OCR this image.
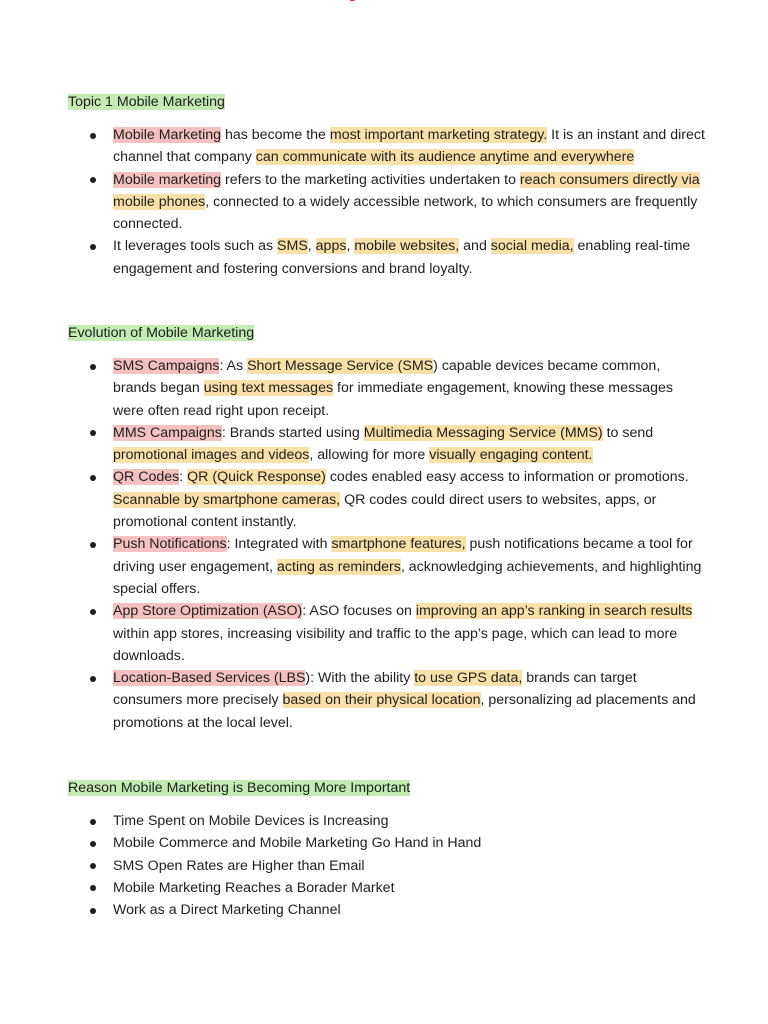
Topic 1 Mobile Marketing
Mobile Marketing has become the most important marketing strategy. It is an instant and direct channel that company can communicate with its audience anytime and everywhere
Mobile marketing refers to the marketing activities undertaken to reach consumers directly via mobile phones, connected to a widely accessible network, to which consumers are frequently connected.
It leverages tools such as SMS, apps, mobile websites, and social media, enabling real-time engagement and fostering conversions and brand loyalty.
Evolution of Mobile Marketing
SMS Campaigns: As Short Message Service (SMS) capable devices became common, brands began using text messages for immediate engagement, knowing these messages were often read right upon receipt.
MMS Campaigns: Brands started using Multimedia Messaging Service (MMS) to send promotional images and videos, allowing for more visually engaging content.
QR Codes: QR (Quick Response) codes enabled easy access to information or promotions. Scannable by smartphone cameras, QR codes could direct users to websites, apps, or promotional content instantly.
Push Notifications: Integrated with smartphone features, push notifications became a tool for driving user engagement, acting as reminders, acknowledging achievements, and highlighting special offers.
App Store Optimization (ASO): ASO focuses on improving an app’s ranking in search results within app stores, increasing visibility and traffic to the app’s page, which can lead to more downloads.
Location-Based Services (LBS): With the ability to use GPS data, brands can target consumers more precisely based on their physical location, personalizing ad placements and promotions at the local level.
Reason Mobile Marketing is Becoming More Important
Time Spent on Mobile Devices is Increasing
Mobile Commerce and Mobile Marketing Go Hand in Hand
SMS Open Rates are Higher than Email
Mobile Marketing Reaches a Borader Market
Work as a Direct Marketing Channel
